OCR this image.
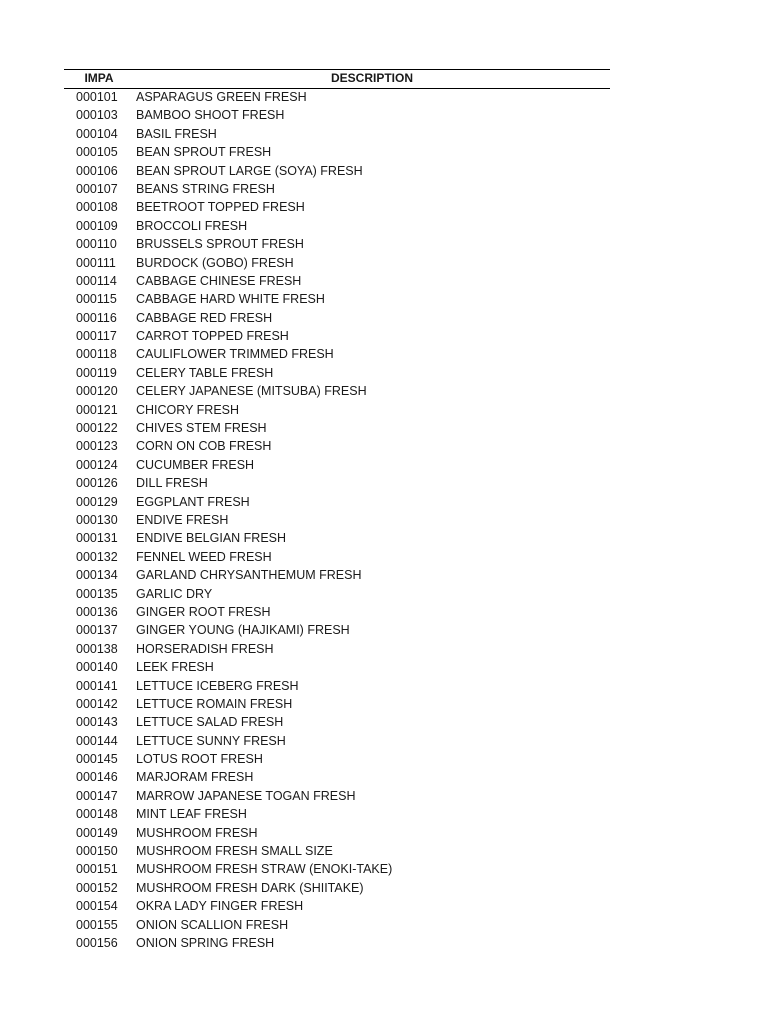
IMPA	DESCRIPTION
000101	ASPARAGUS GREEN FRESH
000103	BAMBOO SHOOT FRESH
000104	BASIL FRESH
000105	BEAN SPROUT FRESH
000106	BEAN SPROUT LARGE (SOYA) FRESH
000107	BEANS STRING FRESH
000108	BEETROOT TOPPED FRESH
000109	BROCCOLI FRESH
000110	BRUSSELS SPROUT FRESH
000111	BURDOCK (GOBO) FRESH
000114	CABBAGE CHINESE FRESH
000115	CABBAGE HARD WHITE FRESH
000116	CABBAGE RED FRESH
000117	CARROT TOPPED FRESH
000118	CAULIFLOWER TRIMMED FRESH
000119	CELERY TABLE FRESH
000120	CELERY JAPANESE (MITSUBA) FRESH
000121	CHICORY FRESH
000122	CHIVES STEM FRESH
000123	CORN ON COB FRESH
000124	CUCUMBER FRESH
000126	DILL FRESH
000129	EGGPLANT FRESH
000130	ENDIVE FRESH
000131	ENDIVE BELGIAN FRESH
000132	FENNEL WEED FRESH
000134	GARLAND CHRYSANTHEMUM FRESH
000135	GARLIC DRY
000136	GINGER ROOT FRESH
000137	GINGER YOUNG (HAJIKAMI) FRESH
000138	HORSERADISH FRESH
000140	LEEK FRESH
000141	LETTUCE ICEBERG FRESH
000142	LETTUCE ROMAIN FRESH
000143	LETTUCE SALAD FRESH
000144	LETTUCE SUNNY FRESH
000145	LOTUS ROOT FRESH
000146	MARJORAM FRESH
000147	MARROW JAPANESE TOGAN FRESH
000148	MINT LEAF FRESH
000149	MUSHROOM FRESH
000150	MUSHROOM FRESH SMALL SIZE
000151	MUSHROOM FRESH STRAW (ENOKI-TAKE)
000152	MUSHROOM FRESH DARK (SHIITAKE)
000154	OKRA LADY FINGER FRESH
000155	ONION SCALLION FRESH
000156	ONION SPRING FRESH
